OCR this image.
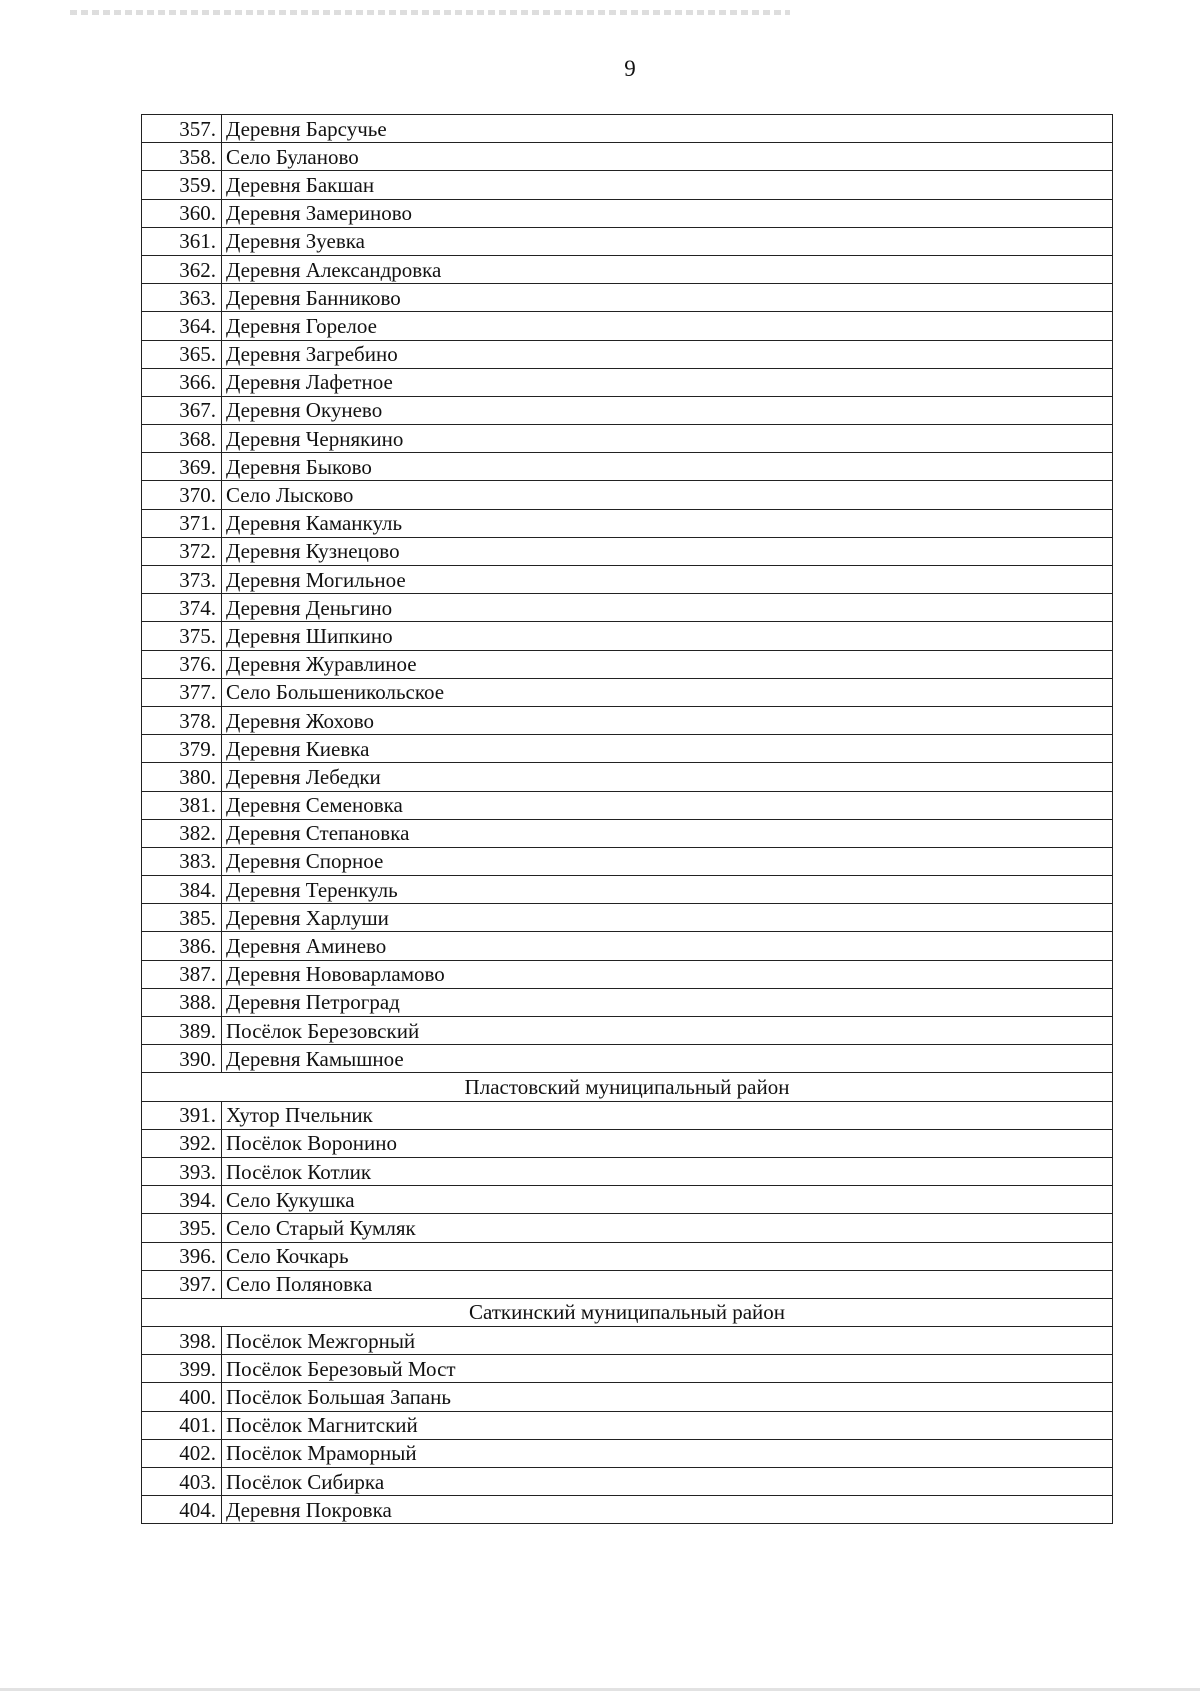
9
357.	Деревня Барсучье
358.	Село Буланово
359.	Деревня Бакшан
360.	Деревня Замериново
361.	Деревня Зуевка
362.	Деревня Александровка
363.	Деревня Банниково
364.	Деревня Горелое
365.	Деревня Загребино
366.	Деревня Лафетное
367.	Деревня Окунево
368.	Деревня Чернякино
369.	Деревня Быково
370.	Село Лысково
371.	Деревня Каманкуль
372.	Деревня Кузнецово
373.	Деревня Могильное
374.	Деревня Деньгино
375.	Деревня Шипкино
376.	Деревня Журавлиное
377.	Село Большеникольское
378.	Деревня Жохово
379.	Деревня Киевка
380.	Деревня Лебедки
381.	Деревня Семеновка
382.	Деревня Степановка
383.	Деревня Спорное
384.	Деревня Теренкуль
385.	Деревня Харлуши
386.	Деревня Аминево
387.	Деревня Нововарламово
388.	Деревня Петроград
389.	Посёлок Березовский
390.	Деревня Камышное
Пластовский муниципальный район	
391.	Хутор Пчельник
392.	Посёлок Воронино
393.	Посёлок Котлик
394.	Село Кукушка
395.	Село Старый Кумляк
396.	Село Кочкарь
397.	Село Поляновка
Саткинский муниципальный район	
398.	Посёлок Межгорный
399.	Посёлок Березовый Мост
400.	Посёлок Большая Запань
401.	Посёлок Магнитский
402.	Посёлок Мраморный
403.	Посёлок Сибирка
404.	Деревня Покровка
